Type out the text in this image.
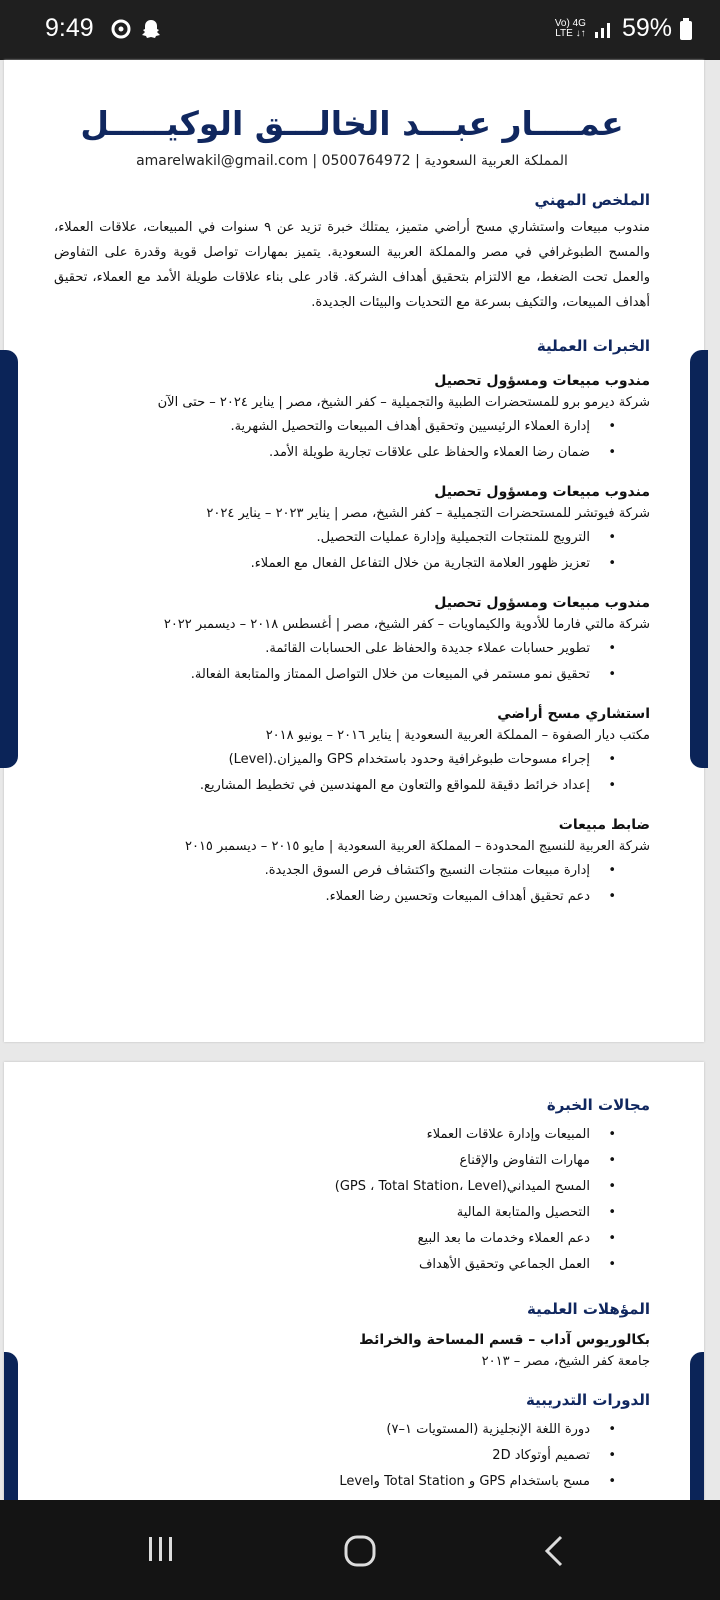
9:49	Vo) 4G
LTE ↓↑ 59%
عمــــار عبـــد الخالـــق الوكيـــــل
المملكة العربية السعودية | amarelwakil@gmail.com | 0500764972
الملخص المهني
مندوب مبيعات واستشاري مسح أراضي متميز، يمتلك خبرة تزيد عن ٩ سنوات في المبيعات، علاقات العملاء، والمسح الطبوغرافي في مصر والمملكة العربية السعودية. يتميز بمهارات تواصل قوية وقدرة على التفاوض والعمل تحت الضغط، مع الالتزام بتحقيق أهداف الشركة. قادر على بناء علاقات طويلة الأمد مع العملاء، تحقيق أهداف المبيعات، والتكيف بسرعة مع التحديات والبيئات الجديدة.
الخبرات العملية
مندوب مبيعات ومسؤول تحصيل
شركة ديرمو برو للمستحضرات الطبية والتجميلية – كفر الشيخ، مصر | يناير ٢٠٢٤ – حتى الآن
• إدارة العملاء الرئيسيين وتحقيق أهداف المبيعات والتحصيل الشهرية.
• ضمان رضا العملاء والحفاظ على علاقات تجارية طويلة الأمد.
مندوب مبيعات ومسؤول تحصيل
شركة فيوتشر للمستحضرات التجميلية – كفر الشيخ، مصر | يناير ٢٠٢٣ – يناير ٢٠٢٤
• الترويج للمنتجات التجميلية وإدارة عمليات التحصيل.
• تعزيز ظهور العلامة التجارية من خلال التفاعل الفعال مع العملاء.
مندوب مبيعات ومسؤول تحصيل
شركة مالتي فارما للأدوية والكيماويات – كفر الشيخ، مصر | أغسطس ٢٠١٨ – ديسمبر ٢٠٢٢
• تطوير حسابات عملاء جديدة والحفاظ على الحسابات القائمة.
• تحقيق نمو مستمر في المبيعات من خلال التواصل الممتاز والمتابعة الفعالة.
استشاري مسح أراضي
مكتب ديار الصفوة – المملكة العربية السعودية | يناير ٢٠١٦ – يونيو ٢٠١٨
• إجراء مسوحات طبوغرافية وحدود باستخدام GPS والميزان.(Level)
• إعداد خرائط دقيقة للمواقع والتعاون مع المهندسين في تخطيط المشاريع.
ضابط مبيعات
شركة العربية للنسيج المحدودة – المملكة العربية السعودية | مايو ٢٠١٥ – ديسمبر ٢٠١٥
• إدارة مبيعات منتجات النسيج واكتشاف فرص السوق الجديدة.
• دعم تحقيق أهداف المبيعات وتحسين رضا العملاء.
مجالات الخبرة
• المبيعات وإدارة علاقات العملاء
• مهارات التفاوض والإقناع
• المسح الميداني(GPS ، Total Station، Level)
• التحصيل والمتابعة المالية
• دعم العملاء وخدمات ما بعد البيع
• العمل الجماعي وتحقيق الأهداف
المؤهلات العلمية
بكالوريوس آداب – قسم المساحة والخرائط
جامعة كفر الشيخ، مصر – ٢٠١٣
الدورات التدريبية
• دورة اللغة الإنجليزية (المستويات ١–٧)
• تصميم أوتوكاد 2D
• مسح باستخدام GPS و Total Station وLevel
